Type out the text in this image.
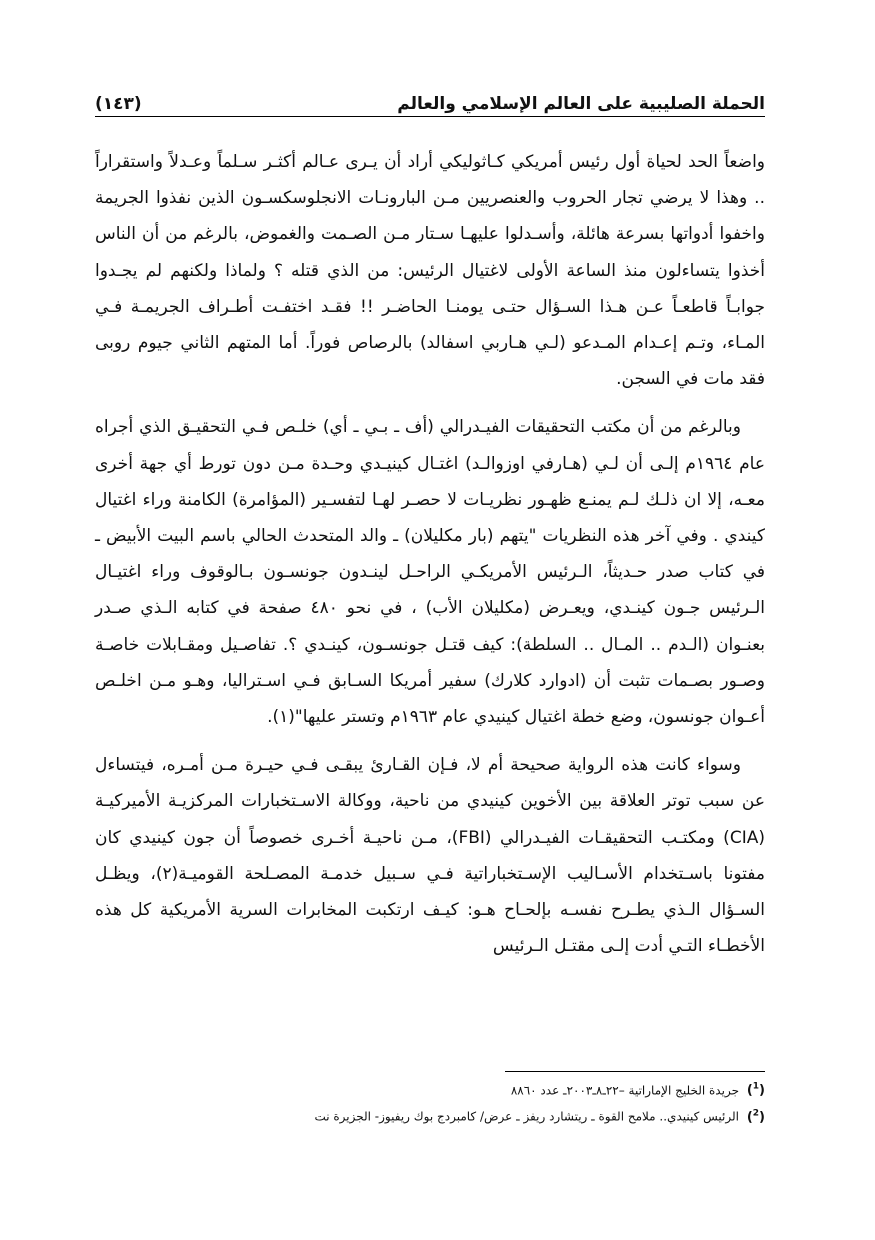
الحملة الصليبية على العالم الإسلامي والعالم
(١٤٣)

واضعاً الحد لحياة أول رئيس أمريكي كـاثوليكي أراد أن يـرى عـالم أكثـر سـلماً وعـدلاً واستقراراً .. وهذا لا يرضي تجار الحروب والعنصريين مـن البارونـات الانجلوسكسـون الذين نفذوا الجريمة واخفوا أدواتها بسرعة هائلة، وأسـدلوا عليهـا سـتار مـن الصـمت والغموض، بالرغم من أن الناس أخذوا يتساءلون منذ الساعة الأولى لاغتيال الرئيس: من الذي قتله ؟ ولماذا ولكنهم لم يجـدوا جوابـاً قاطعـاً عـن هـذا السـؤال حتـى يومنـا الحاضـر !! فقـد اختفـت أطـراف الجريمـة فـي المـاء، وتـم إعـدام المـدعو (لـي هـاربي اسفالد) بالرصاص فوراً. أما المتهم الثاني جيوم روبى فقد مات في السجن.

وبالرغم من أن مكتب التحقيقات الفيـدرالي (أف ـ بـي ـ أي) خلـص فـي التحقيـق الذي أجراه عام ١٩٦٤م إلـى أن لـي (هـارفي اوزوالـد) اغتـال كينيـدي وحـدة مـن دون تورط أي جهة أخرى معـه، إلا ان ذلـك لـم يمنـع ظهـور نظريـات لا حصـر لهـا لتفسـير (المؤامرة) الكامنة وراء اغتيال كيندي . وفي آخر هذه النظريات "يتهم (بار مكليلان) ـ والد المتحدث الحالي باسم البيت الأبيض ـ في كتاب صدر حـديثاً، الـرئيس الأمريكـي الراحـل لينـدون جونسـون بـالوقوف وراء اغتيـال الـرئيس جـون كينـدي، ويعـرض (مكليلان الأب) ، في نحو ٤٨٠ صفحة في كتابه الـذي صـدر بعنـوان (الـدم .. المـال .. السلطة): كيف قتـل جونسـون، كينـدي ؟. تفاصـيل ومقـابلات خاصـة وصـور بصـمات تثبت أن (ادوارد كلارك) سفير أمريكا السـابق فـي اسـتراليا، وهـو مـن اخلـص أعـوان جونسون، وضع خطة اغتيال كينيدي عام ١٩٦٣م وتستر عليها"(١).

وسواء كانت هذه الرواية صحيحة أم لا، فـإن القـارئ يبقـى فـي حيـرة مـن أمـره، فيتساءل عن سبب توتر العلاقة بين الأخوين كينيدي من ناحية، ووكالة الاسـتخبارات المركزيـة الأميركيـة (CIA) ومكتـب التحقيقـات الفيـدرالي (FBI)، مـن ناحيـة أخـرى خصوصاً أن جون كينيدي كان مفتونا باسـتخدام الأسـاليب الإسـتخباراتية فـي سـبيل خدمـة المصـلحة القوميـة(٢)، ويظـل السـؤال الـذي يطـرح نفسـه بإلحـاح هـو: كيـف ارتكبت المخابرات السرية الأمريكية كل هذه الأخطـاء التـي أدت إلـى مقتـل الـرئيس

($^1$) جريدة الخليج الإماراتية –٢٢ـ٨ـ٢٠٠٣ـ عدد ٨٨٦٠
($^2$) الرئيس كينيدي.. ملامح القوة ـ ريتشارد ريفز ـ عرض/ كامبردج بوك ريفيوز- الجزيرة نت
